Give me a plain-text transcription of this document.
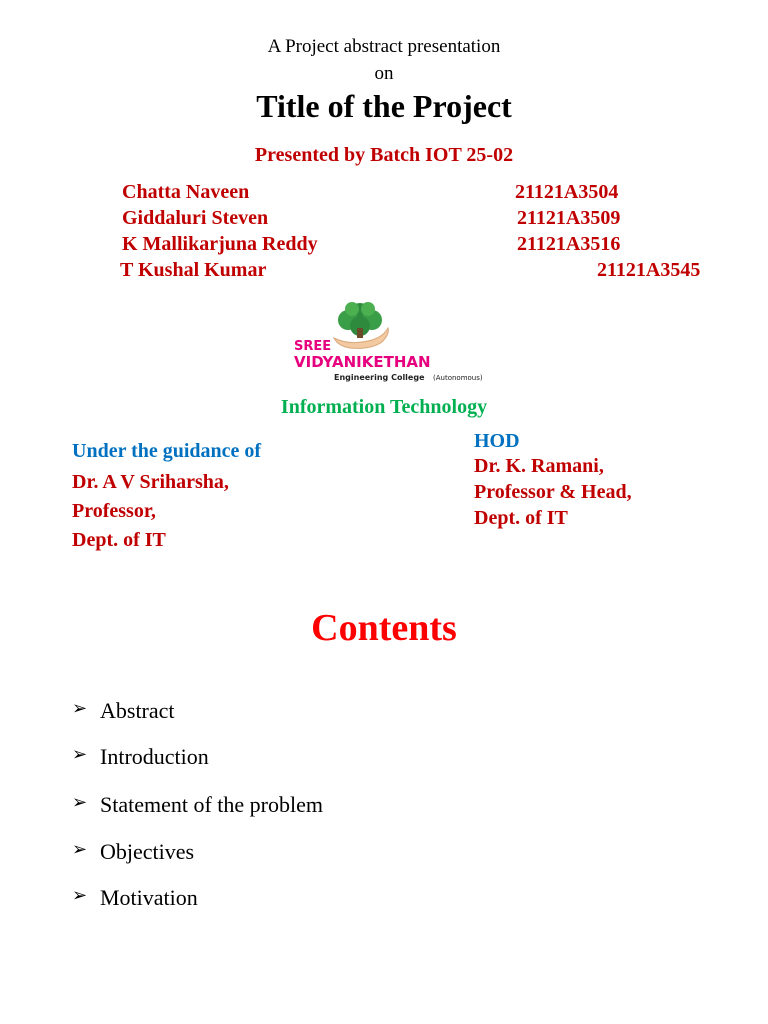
A Project abstract presentation
on
Title of the Project
Presented by Batch IOT 25-02
Chatta Naveen	21121A3504
Giddaluri Steven	21121A3509
K Mallikarjuna Reddy	21121A3516
T Kushal Kumar	21121A3545
SREE
VIDYANIKETHAN
Engineering College (Autonomous)
Information Technology
Under the guidance of
Dr. A V Sriharsha,
Professor,
Dept. of IT
HOD
Dr. K. Ramani,
Professor & Head,
Dept. of IT
Contents
➢ Abstract
➢ Introduction
➢ Statement of the problem
➢ Objectives
➢ Motivation
